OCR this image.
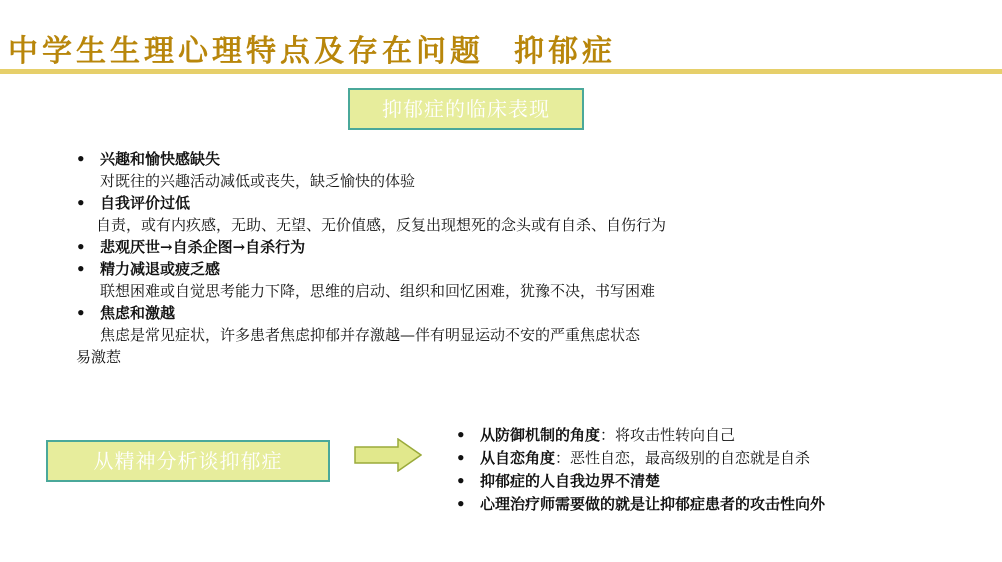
中学生生理心理特点及存在问题 抑郁症
抑郁症的临床表现
• 兴趣和愉快感缺失
对既往的兴趣活动减低或丧失，缺乏愉快的体验
• 自我评价过低
自责，或有内疚感，无助、无望、无价值感，反复出现想死的念头或有自杀、自伤行为
• 悲观厌世→自杀企图→自杀行为
• 精力减退或疲乏感
联想困难或自觉思考能力下降，思维的启动、组织和回忆困难，犹豫不决，书写困难
• 焦虑和激越
焦虑是常见症状，许多患者焦虑抑郁并存激越—伴有明显运动不安的严重焦虑状态
易激惹
从精神分析谈抑郁症
• 从防御机制的角度：将攻击性转向自己
• 从自恋角度：恶性自恋，最高级别的自恋就是自杀
• 抑郁症的人自我边界不清楚
• 心理治疗师需要做的就是让抑郁症患者的攻击性向外
